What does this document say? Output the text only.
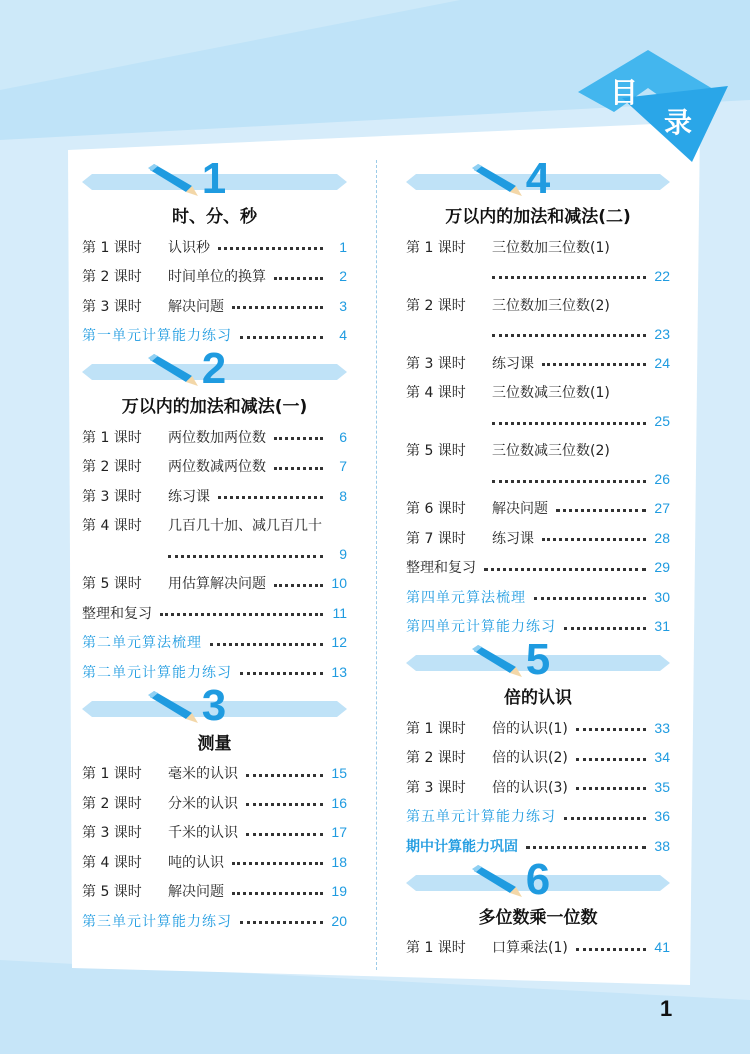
目
录
1
时、分、秒
第 1 课时	认识秒	1
第 2 课时	时间单位的换算	2
第 3 课时	解决问题	3
第一单元计算能力练习	4
2
万以内的加法和减法(一)
第 1 课时	两位数加两位数	6
第 2 课时	两位数减两位数	7
第 3 课时	练习课	8
第 4 课时	几百几十加、减几百几十
9
第 5 课时	用估算解决问题	10
整理和复习	11
第二单元算法梳理	12
第二单元计算能力练习	13
3
测量
第 1 课时	毫米的认识	15
第 2 课时	分米的认识	16
第 3 课时	千米的认识	17
第 4 课时	吨的认识	18
第 5 课时	解决问题	19
第三单元计算能力练习	20
4
万以内的加法和减法(二)
第 1 课时	三位数加三位数(1)
22
第 2 课时	三位数加三位数(2)
23
第 3 课时	练习课	24
第 4 课时	三位数减三位数(1)
25
第 5 课时	三位数减三位数(2)
26
第 6 课时	解决问题	27
第 7 课时	练习课	28
整理和复习	29
第四单元算法梳理	30
第四单元计算能力练习	31
5
倍的认识
第 1 课时	倍的认识(1)	33
第 2 课时	倍的认识(2)	34
第 3 课时	倍的认识(3)	35
第五单元计算能力练习	36
期中计算能力巩固	38
6
多位数乘一位数
第 1 课时	口算乘法(1)	41
1
